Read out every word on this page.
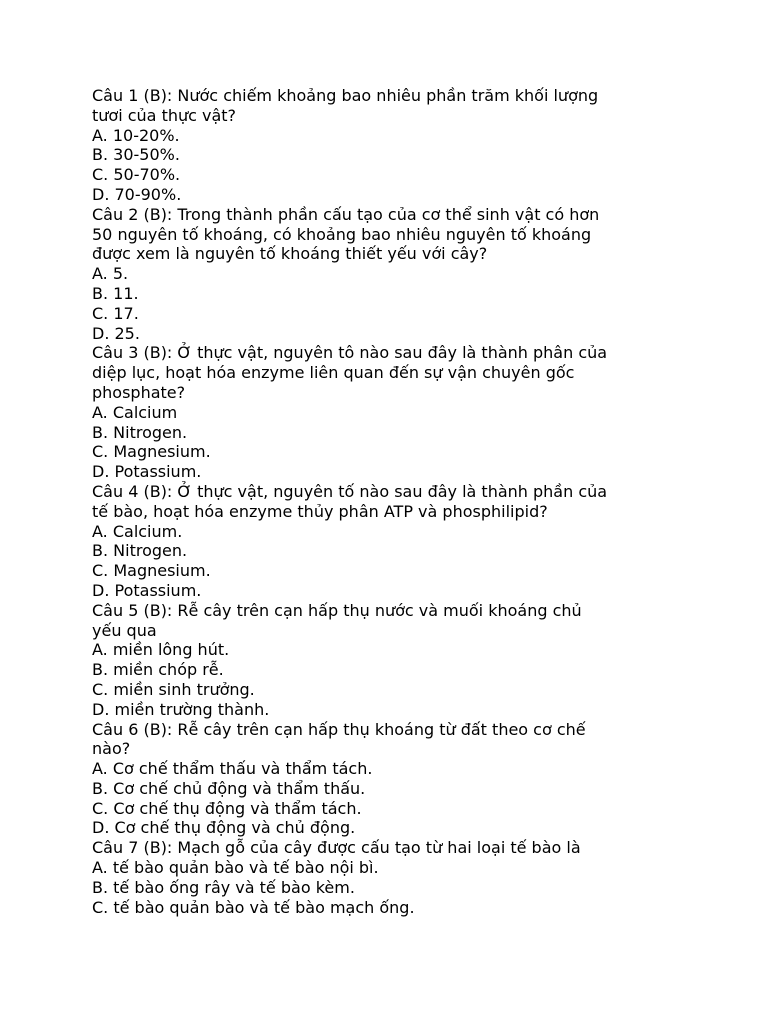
Câu 1 (B): Nước chiếm khoảng bao nhiêu phần trăm khối lượng

tươi của thực vật?

A. 10-20%.

B. 30-50%.

C. 50-70%.

D. 70-90%.

Câu 2 (B): Trong thành phần cấu tạo của cơ thể sinh vật có hơn

50 nguyên tố khoáng, có khoảng bao nhiêu nguyên tố khoáng

được xem là nguyên tố khoáng thiết yếu với cây?

A. 5.

B. 11.

C. 17.

D. 25.

Câu 3 (B): Ở thực vật, nguyên tô nào sau đây là thành phân của

diệp lục, hoạt hóa enzyme liên quan đến sự vận chuyên gốc

phosphate?

A. Calcium

B. Nitrogen.

C. Magnesium.

D. Potassium.

Câu 4 (B): Ở thực vật, nguyên tố nào sau đây là thành phần của

tế bào, hoạt hóa enzyme thủy phân ATP và phosphilipid?

A. Calcium.

B. Nitrogen.

C. Magnesium.

D. Potassium.

Câu 5 (B): Rễ cây trên cạn hấp thụ nước và muối khoáng chủ

yếu qua

A. miền lông hút.

B. miền chóp rễ.

C. miền sinh trưởng.

D. miền trường thành.

Câu 6 (B): Rễ cây trên cạn hấp thụ khoáng từ đất theo cơ chế

nào?

A. Cơ chế thẩm thấu và thẩm tách.

B. Cơ chế chủ động và thẩm thấu.

C. Cơ chế thụ động và thẩm tách.

D. Cơ chế thụ động và chủ động.

Câu 7 (B): Mạch gỗ của cây được cấu tạo từ hai loại tế bào là

A. tế bào quản bào và tế bào nội bì.

B. tế bào ống rây và tế bào kèm.

C. tế bào quản bào và tế bào mạch ống.
